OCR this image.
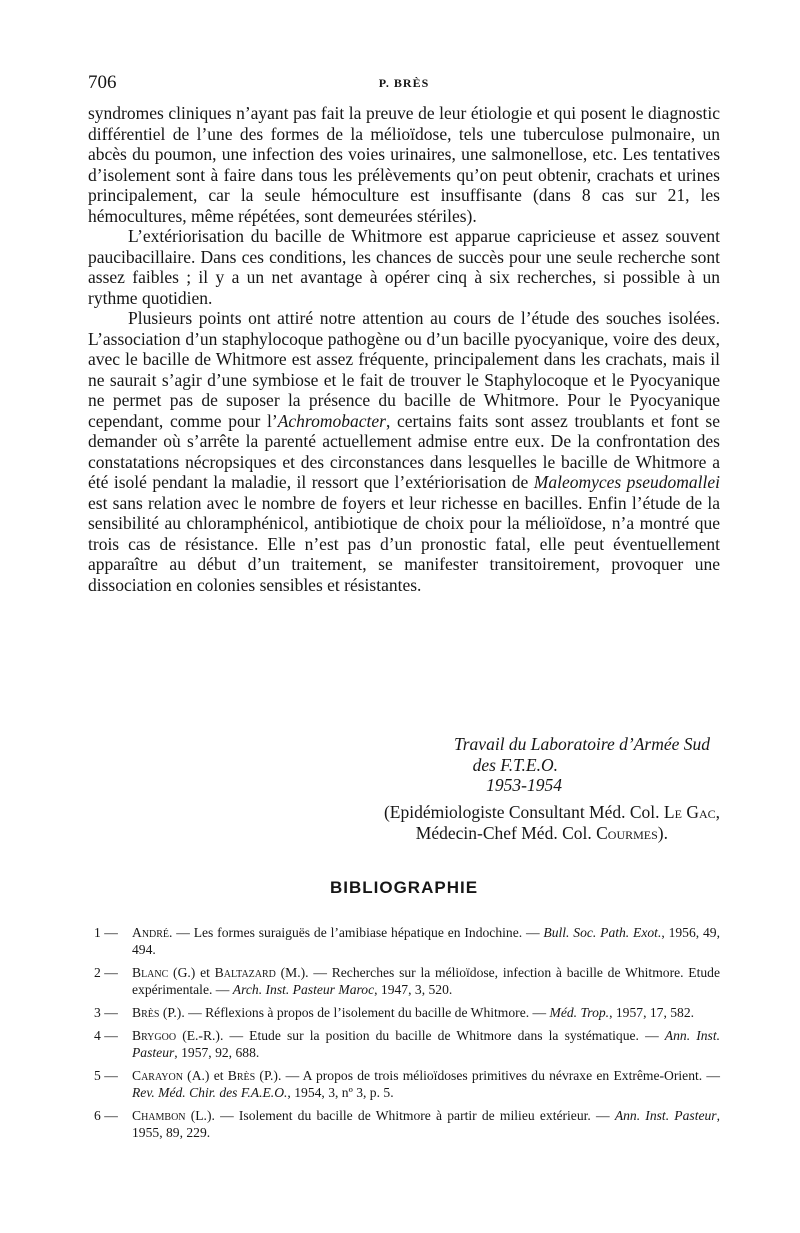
706	P. BRÈS

syndromes cliniques n’ayant pas fait la preuve de leur étiologie et qui posent le diagnostic différentiel de l’une des formes de la mélioïdose, tels une tuberculose pulmonaire, un abcès du poumon, une infection des voies urinaires, une salmonellose, etc. Les tentatives d’isolement sont à faire dans tous les prélèvements qu’on peut obtenir, crachats et urines principalement, car la seule hémoculture est insuffisante (dans 8 cas sur 21, les hémocultures, même répétées, sont demeurées stériles).

L’extériorisation du bacille de Whitmore est apparue capricieuse et assez souvent paucibacillaire. Dans ces conditions, les chances de succès pour une seule recherche sont assez faibles ; il y a un net avantage à opérer cinq à six recherches, si possible à un rythme quotidien.

Plusieurs points ont attiré notre attention au cours de l’étude des souches isolées. L’association d’un staphylocoque pathogène ou d’un bacille pyocyanique, voire des deux, avec le bacille de Whitmore est assez fréquente, principalement dans les crachats, mais il ne saurait s’agir d’une symbiose et le fait de trouver le Staphylocoque et le Pyocyanique ne permet pas de suposer la présence du bacille de Whitmore. Pour le Pyocyanique cependant, comme pour l’Achromobacter, certains faits sont assez troublants et font se demander où s’arrête la parenté actuellement admise entre eux. De la confrontation des constatations nécropsiques et des circonstances dans lesquelles le bacille de Whitmore a été isolé pendant la maladie, il ressort que l’extériorisation de Maleomyces pseudomallei est sans relation avec le nombre de foyers et leur richesse en bacilles. Enfin l’étude de la sensibilité au chloramphénicol, antibiotique de choix pour la mélioïdose, n’a montré que trois cas de résistance. Elle n’est pas d’un pronostic fatal, elle peut éventuellement apparaître au début d’un traitement, se manifester transitoirement, provoquer une dissociation en colonies sensibles et résistantes.

Travail du Laboratoire d’Armée Sud
des F.T.E.O.
1953-1954
(Epidémiologiste Consultant Méd. Col. Le Gac,
Médecin-Chef Méd. Col. Courmes).
BIBLIOGRAPHIE
1 — André. — Les formes suraiguës de l’amibiase hépatique en Indochine. — Bull. Soc. Path. Exot., 1956, 49, 494.
2 — Blanc (G.) et Baltazard (M.). — Recherches sur la mélioïdose, infection à bacille de Whitmore. Etude expérimentale. — Arch. Inst. Pasteur Maroc, 1947, 3, 520.
3 — Brès (P.). — Réflexions à propos de l’isolement du bacille de Whitmore. — Méd. Trop., 1957, 17, 582.
4 — Brygoo (E.-R.). — Etude sur la position du bacille de Whitmore dans la systématique. — Ann. Inst. Pasteur, 1957, 92, 688.
5 — Carayon (A.) et Brès (P.). — A propos de trois mélioïdoses primitives du névraxe en Extrême-Orient. — Rev. Méd. Chir. des F.A.E.O., 1954, 3, nº 3, p. 5.
6 — Chambon (L.). — Isolement du bacille de Whitmore à partir de milieu extérieur. — Ann. Inst. Pasteur, 1955, 89, 229.
